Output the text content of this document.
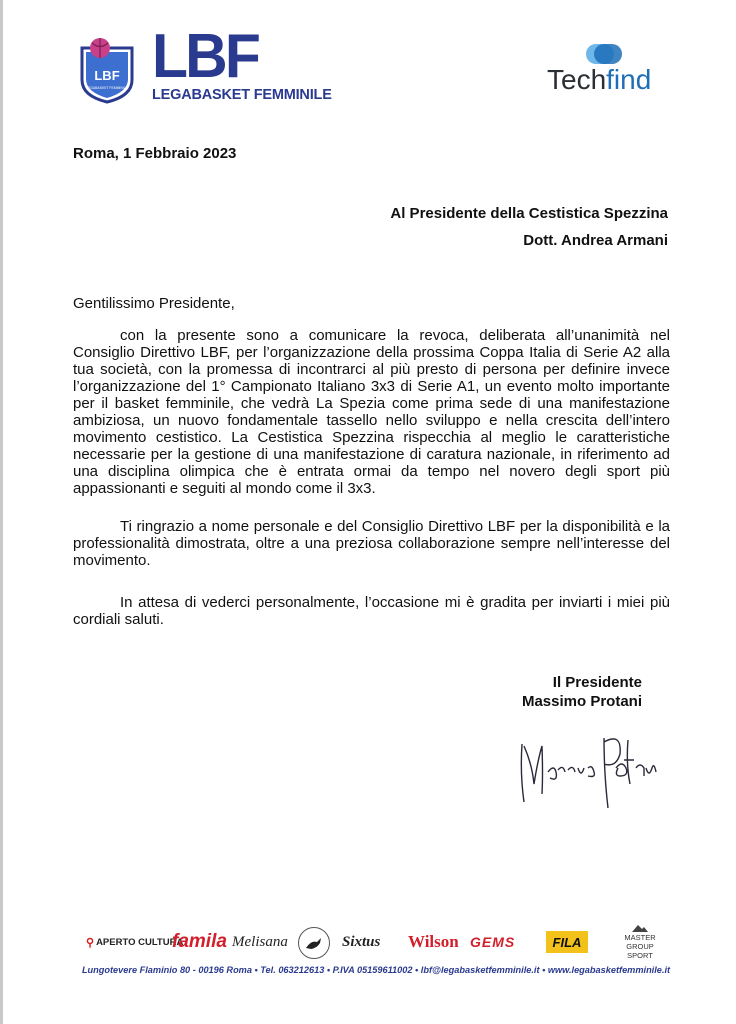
LBF
LEGABASKET FEMMINILE LBF
LEGABASKET FEMMINILE	Techfind
Roma, 1 Febbraio 2023
Al Presidente della Cestistica Spezzina
Dott. Andrea Armani
Gentilissimo Presidente,

con la presente sono a comunicare la revoca, deliberata all’unanimità nel Consiglio Direttivo LBF, per l’organizzazione della prossima Coppa Italia di Serie A2 alla tua società, con la promessa di incontrarci al più presto di persona per definire invece l’organizzazione del 1° Campionato Italiano 3x3 di Serie A1, un evento molto importante per il basket femminile, che vedrà La Spezia come prima sede di una manifestazione ambiziosa, un nuovo fondamentale tassello nello sviluppo e nella crescita dell’intero movimento cestistico. La Cestistica Spezzina rispecchia al meglio le caratteristiche necessarie per la gestione di una manifestazione di caratura nazionale, in riferimento ad una disciplina olimpica che è entrata ormai da tempo nel novero degli sport più appassionanti e seguiti al mondo come il 3x3.

Ti ringrazio a nome personale e del Consiglio Direttivo LBF per la disponibilità e la professionalità dimostrata, oltre a una preziosa collaborazione sempre nell’interesse del movimento.

In attesa di vederci personalmente, l’occasione mi è gradita per inviarti i miei più cordiali saluti.

Il Presidente
Massimo Protani
⚲ APERTO CULTURA
famila Melisana	Sixtus Wilson GEMS	FILA	MASTER GROUP
SPORT
Lungotevere Flaminio 80 - 00196 Roma • Tel. 063212613 • P.IVA 05159611002 • lbf@legabasketfemminile.it • www.legabasketfemminile.it
